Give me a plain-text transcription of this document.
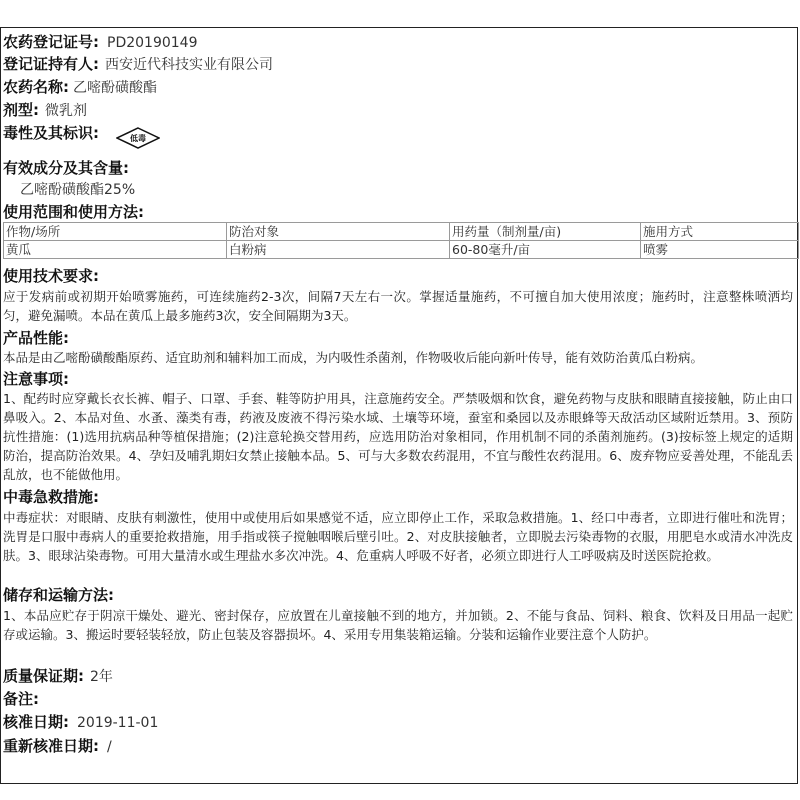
农药登记证号: PD20190149
登记证持有人: 西安近代科技实业有限公司
农药名称: 乙嘧酚磺酸酯
剂型: 微乳剂
毒性及其标识:	低毒
有效成分及其含量:
乙嘧酚磺酸酯25%
使用范围和使用方法:
作物/场所	防治对象	用药量（制剂量/亩)	施用方式
黄瓜	白粉病	60-80毫升/亩	喷雾
使用技术要求:
应于发病前或初期开始喷雾施药，可连续施药2-3次，间隔7天左右一次。掌握适量施药，不可擅自加大使用浓度；施药时，注意整株喷洒均匀，避免漏喷。本品在黄瓜上最多施药3次，安全间隔期为3天。
产品性能:
本品是由乙嘧酚磺酸酯原药、适宜助剂和辅料加工而成，为内吸性杀菌剂，作物吸收后能向新叶传导，能有效防治黄瓜白粉病。
注意事项:
1、配药时应穿戴长衣长裤、帽子、口罩、手套、鞋等防护用具，注意施药安全。严禁吸烟和饮食，避免药物与皮肤和眼睛直接接触，防止由口鼻吸入。2、本品对鱼、水蚤、藻类有毒，药液及废液不得污染水域、土壤等环境，蚕室和桑园以及赤眼蜂等天敌活动区域附近禁用。3、预防抗性措施：(1)选用抗病品种等植保措施；(2)注意轮换交替用药，应选用防治对象相同，作用机制不同的杀菌剂施药。(3)按标签上规定的适期防治，提高防治效果。4、孕妇及哺乳期妇女禁止接触本品。5、可与大多数农药混用，不宜与酸性农药混用。6、废弃物应妥善处理，不能乱丢乱放，也不能做他用。
中毒急救措施:
中毒症状：对眼睛、皮肤有刺激性，使用中或使用后如果感觉不适，应立即停止工作，采取急救措施。1、经口中毒者，立即进行催吐和洗胃；洗胃是口服中毒病人的重要抢救措施，用手指或筷子搅触咽喉后壁引吐。2、对皮肤接触者，立即脱去污染毒物的衣服，用肥皂水或清水冲洗皮肤。3、眼球沾染毒物。可用大量清水或生理盐水多次冲洗。4、危重病人呼吸不好者，必须立即进行人工呼吸病及时送医院抢救。
储存和运输方法:
1、本品应贮存于阴凉干燥处、避光、密封保存，应放置在儿童接触不到的地方，并加锁。2、不能与食品、饲料、粮食、饮料及日用品一起贮存或运输。3、搬运时要轻装轻放，防止包装及容器损坏。4、采用专用集装箱运输。分装和运输作业要注意个人防护。
质量保证期: 2年
备注:
核准日期: 2019-11-01
重新核准日期: /
